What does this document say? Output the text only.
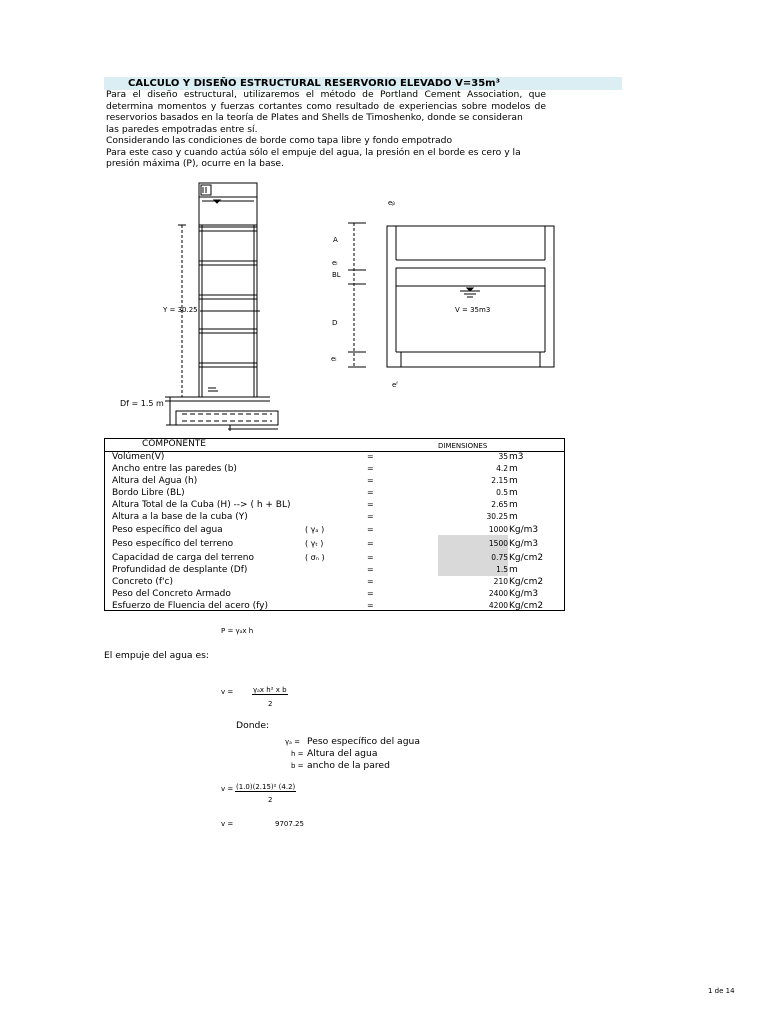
CALCULO Y DISEÑO ESTRUCTURAL RESERVORIO ELEVADO V=35m³
Para el diseño estructural, utilizaremos el método de Portland Cement Association, que
determina momentos y fuerzas cortantes como resultado de experiencias sobre modelos de
reservorios basados en la teoría de Plates and Shells de Timoshenko, donde se consideran
las paredes empotradas entre sí.
Considerando las condiciones de borde como tapa libre y fondo empotrado
Para este caso y cuando actúa sólo el empuje del agua, la presión en el borde es cero y la
presión máxima (P), ocurre en la base.
Y = 30.25
Df = 1.5 m
eᵦ
A
eₗ
BL
D
eₗ
eᶠ
V = 35m3
COMPONENTE	DIMENSIONES
Volúmen(V)	=	35 m3
Ancho entre las paredes (b)	=	4.2 m
Altura del Agua (h)	=	2.15 m
Bordo Libre (BL)	=	0.5 m
Altura Total de la Cuba (H) --> ( h + BL)	=	2.65 m
Altura a la base de la cuba (Y)	=	30.25 m
Peso específico del agua	( γₐ )	=	1000 Kg/m3
Peso específico del terreno	( γₜ )	=	1500 Kg/m3
Capacidad de carga del terreno	( σₙ )	=	0.75 Kg/cm2
Profundidad de desplante (Df)	=	1.5 m
Concreto (f'c)	=	210 Kg/cm2
Peso del Concreto Armado	=	2400 Kg/m3
Esfuerzo de Fluencia del acero (fy)	=	4200 Kg/cm2
P = γₐx h
El empuje del agua es:
v =	γₐx h² x b
2
Donde:
γₐ = Peso específico del agua
h = Altura del agua
b = ancho de la pared
v = (1.0)(2.15)² (4.2)
2
v =	9707.25
1 de 14
